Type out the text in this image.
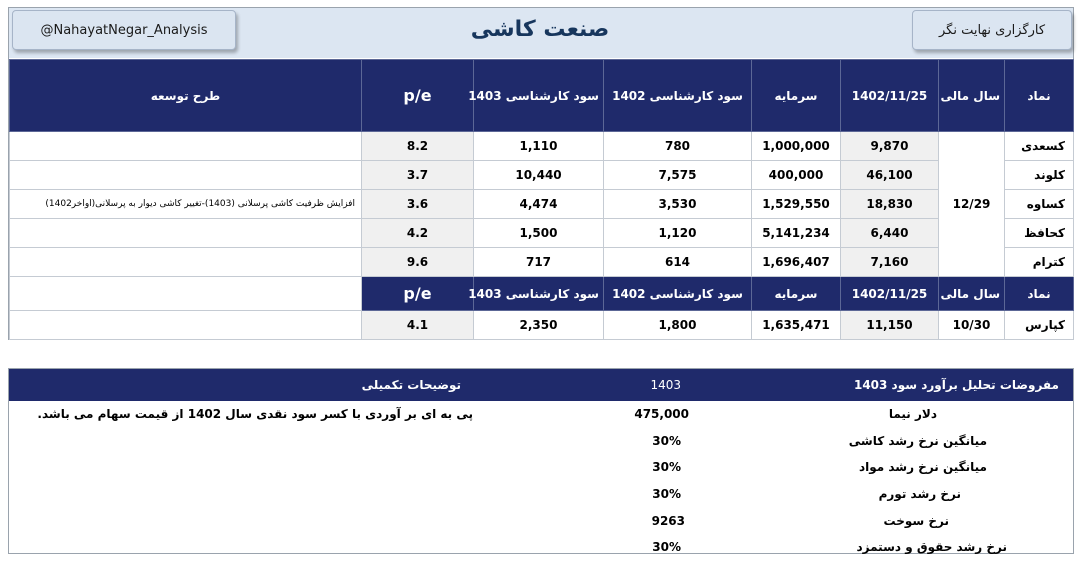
@NahayatNegar_Analysis	صنعت کاشی	کارگزاری نهایت نگر
طرح توسعه	p/e	سود کارشناسی 1403	سود کارشناسی 1402	سرمایه	1402/11/25	سال مالی	نماد
	8.2	1,110	780	1,000,000	9,870	12/29	کسعدی
	3.7	10,440	7,575	400,000	46,100		کلوند
افزایش ظرفیت کاشی پرسلانی (1403)-تغییر کاشی دیوار به پرسلانی(اواخر1402)	3.6	4,474	3,530	1,529,550	18,830		کساوه
	4.2	1,500	1,120	5,141,234	6,440		کحافظ
	9.6	717	614	1,696,407	7,160		کترام
	p/e	سود کارشناسی 1403	سود کارشناسی 1402	سرمایه	1402/11/25	سال مالی	نماد
	4.1	2,350	1,800	1,635,471	11,150	10/30	کپارس
توضیحات تکمیلی	1403	مفروضات تحلیل برآورد سود 1403
پی به ای بر آوردی با کسر سود نقدی سال 1402 از قیمت سهام می باشد.	475,000	دلار نیما
	30%	میانگین نرخ رشد کاشی
	30%	میانگین نرخ رشد مواد
	30%	نرخ رشد تورم
	9263	نرخ سوخت
	30%	نرخ رشد حقوق و دستمزد
